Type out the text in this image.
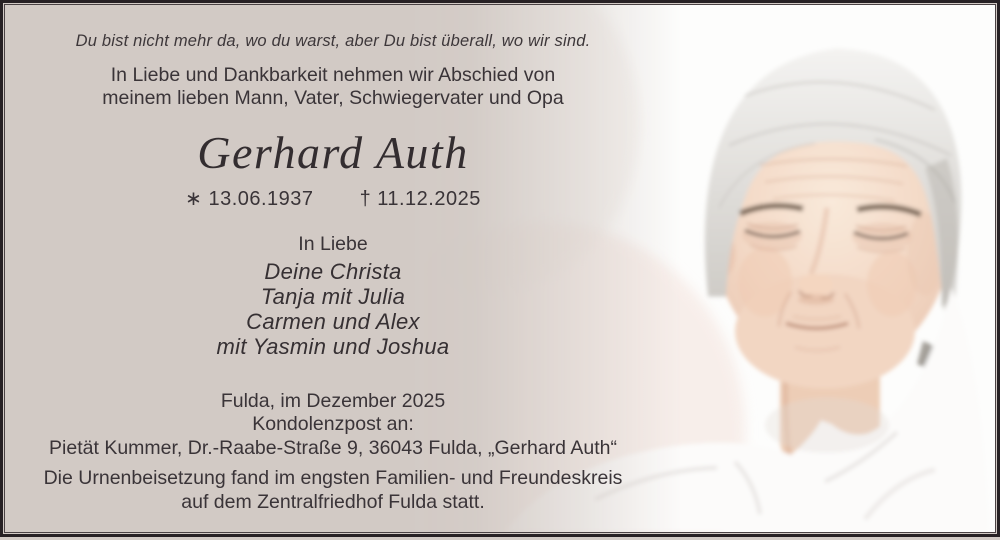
Du bist nicht mehr da, wo du warst, aber Du bist überall, wo wir sind.
In Liebe und Dankbarkeit nehmen wir Abschied von
meinem lieben Mann, Vater, Schwiegervater und Opa
Gerhard Auth
∗ 13.06.1937 † 11.12.2025
In Liebe
Deine Christa
Tanja mit Julia
Carmen und Alex
mit Yasmin und Joshua
Fulda, im Dezember 2025
Kondolenzpost an:
Pietät Kummer, Dr.-Raabe-Straße 9, 36043 Fulda, „Gerhard Auth“
Die Urnenbeisetzung fand im engsten Familien- und Freundeskreis
auf dem Zentralfriedhof Fulda statt.
